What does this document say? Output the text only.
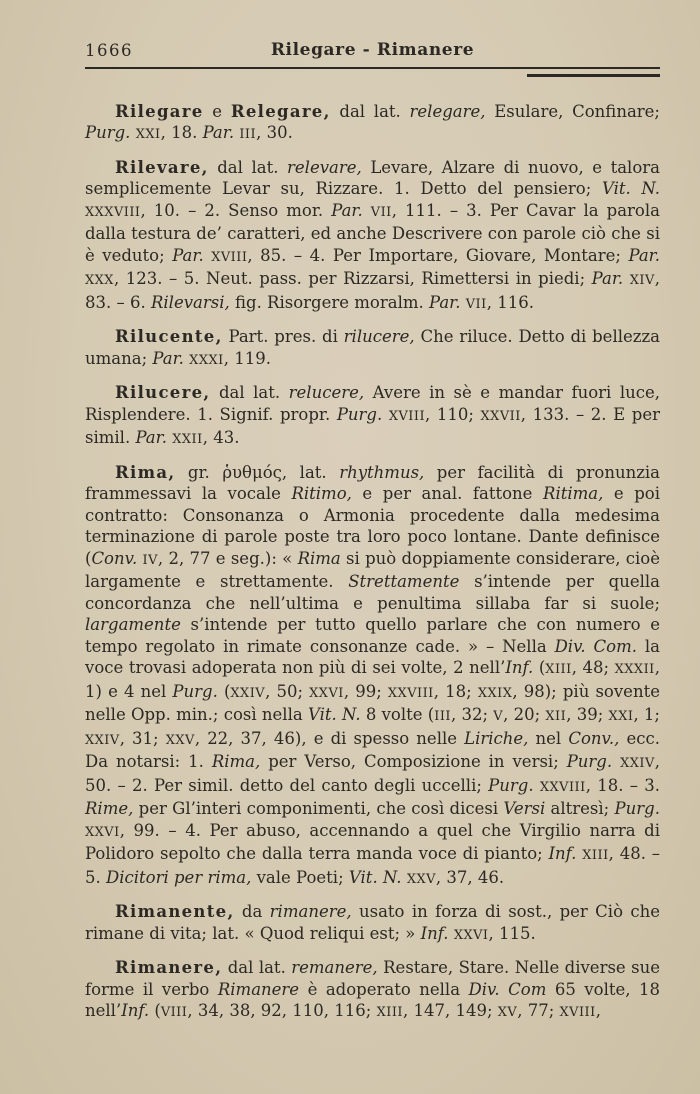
1666	Rilegare - Rimanere

Rilegare e Relegare, dal lat. relegare, Esulare, Confinare; Purg. XXI, 18. Par. III, 30.

Rilevare, dal lat. relevare, Levare, Alzare di nuovo, e talora semplicemente Levar su, Rizzare. 1. Detto del pensiero; Vit. N. XXXVIII, 10. – 2. Senso mor. Par. VII, 111. – 3. Per Cavar la parola dalla testura de’ caratteri, ed anche Descrivere con parole ciò che si è veduto; Par. XVIII, 85. – 4. Per Importare, Giovare, Montare; Par. XXX, 123. – 5. Neut. pass. per Rizzarsi, Rimettersi in piedi; Par. XIV, 83. – 6. Rilevarsi, fig. Risorgere moralm. Par. VII, 116.

Rilucente, Part. pres. di rilucere, Che riluce. Detto di bellezza umana; Par. XXXI, 119.

Rilucere, dal lat. relucere, Avere in sè e mandar fuori luce, Risplendere. 1. Signif. propr. Purg. XVIII, 110; XXVII, 133. – 2. E per simil. Par. XXII, 43.

Rima, gr. ῥυθμός, lat. rhythmus, per facilità di pronunzia frammessavi la vocale Ritimo, e per anal. fattone Ritima, e poi contratto: Consonanza o Armonia procedente dalla medesima terminazione di parole poste tra loro poco lontane. Dante definisce (Conv. IV, 2, 77 e seg.): « Rima si può doppiamente considerare, cioè largamente e strettamente. Strettamente s’intende per quella concordanza che nell’ultima e penultima sillaba far si suole; largamente s’intende per tutto quello parlare che con numero e tempo regolato in rimate consonanze cade. » – Nella Div. Com. la voce trovasi adoperata non più di sei volte, 2 nell’Inf. (XIII, 48; XXXII, 1) e 4 nel Purg. (XXIV, 50; XXVI, 99; XXVIII, 18; XXIX, 98); più sovente nelle Opp. min.; così nella Vit. N. 8 volte (III, 32; V, 20; XII, 39; XXI, 1; XXIV, 31; XXV, 22, 37, 46), e di spesso nelle Liriche, nel Conv., ecc. Da notarsi: 1. Rima, per Verso, Composizione in versi; Purg. XXIV, 50. – 2. Per simil. detto del canto degli uccelli; Purg. XXVIII, 18. – 3. Rime, per Gl’interi componimenti, che così dicesi Versi altresì; Purg. XXVI, 99. – 4. Per abuso, accennando a quel che Virgilio narra di Polidoro sepolto che dalla terra manda voce di pianto; Inf. XIII, 48. – 5. Dicitori per rima, vale Poeti; Vit. N. XXV, 37, 46.

Rimanente, da rimanere, usato in forza di sost., per Ciò che rimane di vita; lat. « Quod reliqui est; » Inf. XXVI, 115.

Rimanere, dal lat. remanere, Restare, Stare. Nelle diverse sue forme il verbo Rimanere è adoperato nella Div. Com 65 volte, 18 nell’Inf. (VIII, 34, 38, 92, 110, 116; XIII, 147, 149; XV, 77; XVIII,
